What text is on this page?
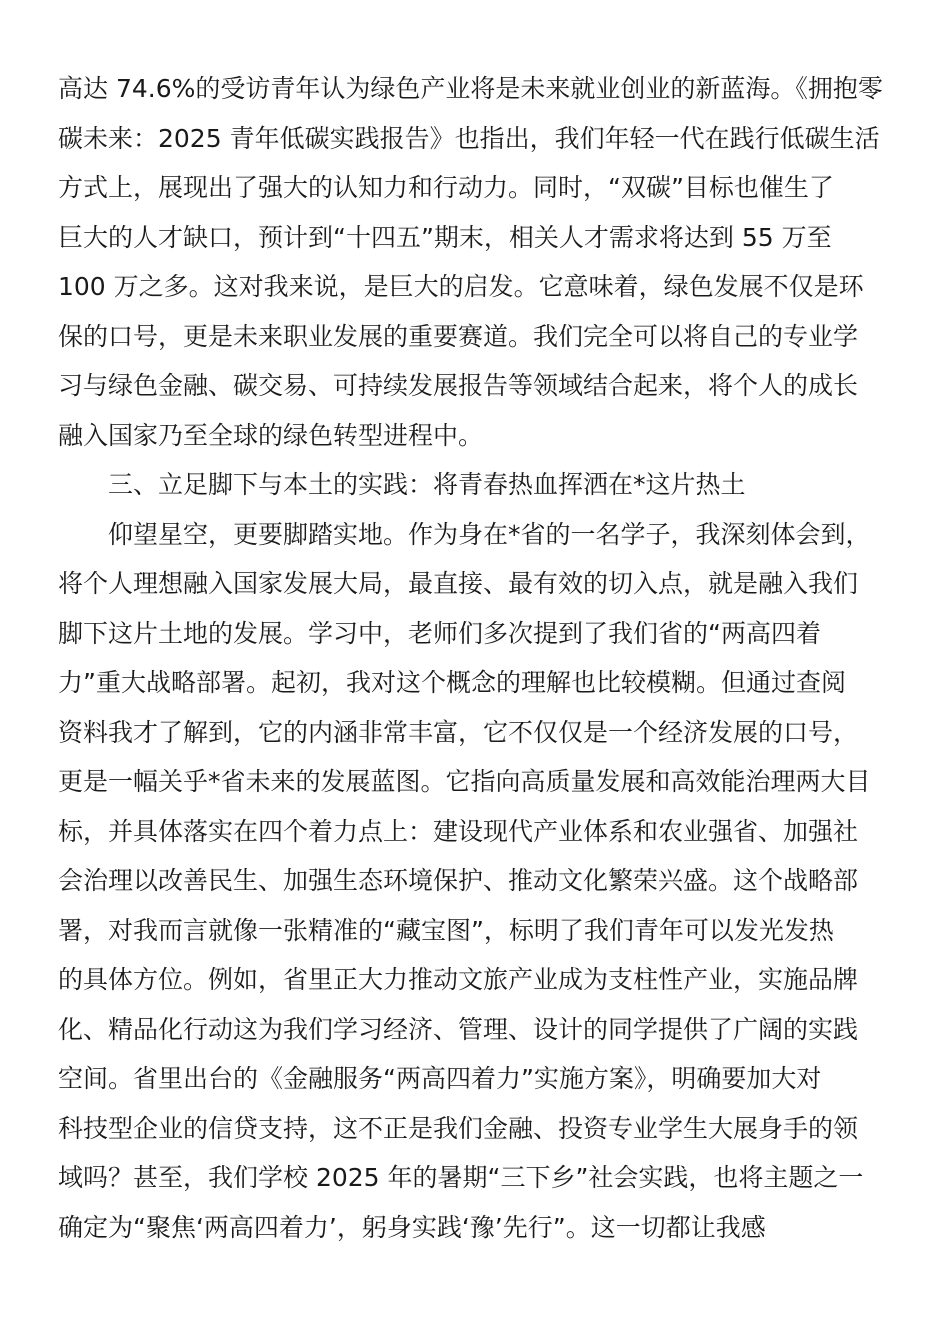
高达 74.6%的受访青年认为绿色产业将是未来就业创业的新蓝海。《拥抱零
碳未来：2025 青年低碳实践报告》也指出，我们年轻一代在践行低碳生活
方式上，展现出了强大的认知力和行动力。同时，“双碳”目标也催生了
巨大的人才缺口，预计到“十四五”期末，相关人才需求将达到 55 万至
100 万之多。这对我来说，是巨大的启发。它意味着，绿色发展不仅是环
保的口号，更是未来职业发展的重要赛道。我们完全可以将自己的专业学
习与绿色金融、碳交易、可持续发展报告等领域结合起来，将个人的成长
融入国家乃至全球的绿色转型进程中。
三、立足脚下与本土的实践：将青春热血挥洒在*这片热土
仰望星空，更要脚踏实地。作为身在*省的一名学子，我深刻体会到，
将个人理想融入国家发展大局，最直接、最有效的切入点，就是融入我们
脚下这片土地的发展。学习中，老师们多次提到了我们省的“两高四着
力”重大战略部署。起初，我对这个概念的理解也比较模糊。但通过查阅
资料我才了解到，它的内涵非常丰富，它不仅仅是一个经济发展的口号，
更是一幅关乎*省未来的发展蓝图。它指向高质量发展和高效能治理两大目
标，并具体落实在四个着力点上：建设现代产业体系和农业强省、加强社
会治理以改善民生、加强生态环境保护、推动文化繁荣兴盛。这个战略部
署，对我而言就像一张精准的“藏宝图”，标明了我们青年可以发光发热
的具体方位。例如，省里正大力推动文旅产业成为支柱性产业，实施品牌
化、精品化行动这为我们学习经济、管理、设计的同学提供了广阔的实践
空间。省里出台的《金融服务“两高四着力”实施方案》，明确要加大对
科技型企业的信贷支持，这不正是我们金融、投资专业学生大展身手的领
域吗？甚至，我们学校 2025 年的暑期“三下乡”社会实践，也将主题之一
确定为“聚焦‘两高四着力’，躬身实践‘豫’先行”。这一切都让我感
